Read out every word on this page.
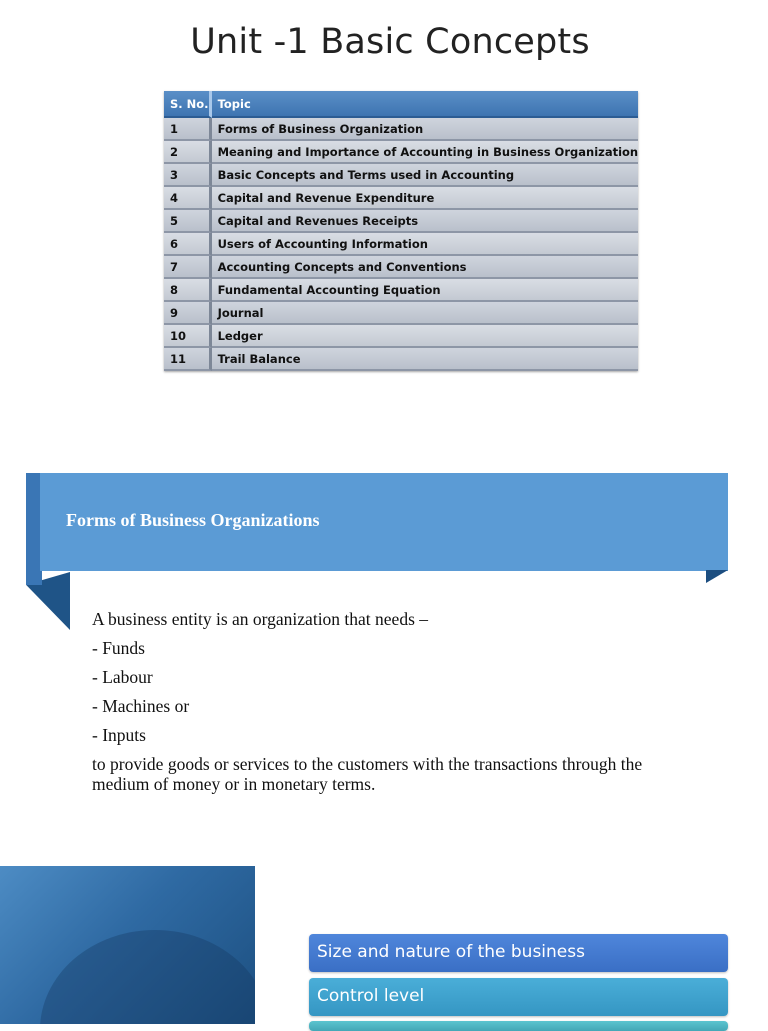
Unit -1 Basic Concepts
S. No.	Topic
1	Forms of Business Organization
2	Meaning and Importance of Accounting in Business Organization
3	Basic Concepts and Terms used in Accounting
4	Capital and Revenue Expenditure
5	Capital and Revenues Receipts
6	Users of Accounting Information
7	Accounting Concepts and Conventions
8	Fundamental Accounting Equation
9	Journal
10	Ledger
11	Trail Balance
Forms of Business Organizations
A business entity is an organization that needs –
- Funds
- Labour
- Machines or
- Inputs
to provide goods or services to the customers with the transactions through the medium of money or in monetary terms.
Size and nature of the business
Control level
